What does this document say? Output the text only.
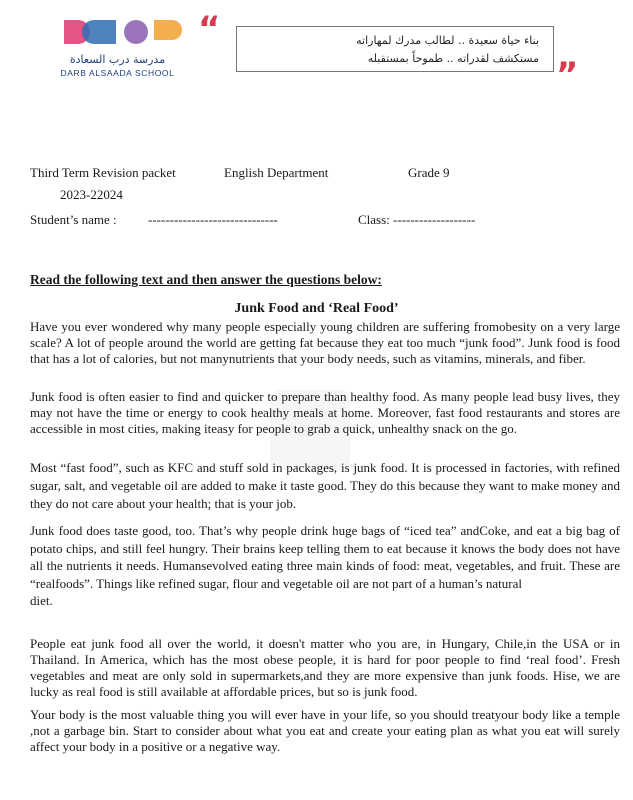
مدرسة درب السعادة
DARB ALSAADA SCHOOL
“	بناء حياة سعيدة .. لطالب مدرك لمهاراته
مستكشف لقدراته .. طموحاً بمستقبله ”
Third Term Revision packet	English Department	Grade 9
2023-22024
Student’s name : ------------------------------	Class: -------------------
Read the following text and then answer the questions below:
Junk Food and ‘Real Food’

Have you ever wondered why many people especially young children are suffering fromobesity on a very large scale? A lot of people around the world are getting fat because they eat too much “junk food”. Junk food is food that has a lot of calories, but not manynutrients that your body needs, such as vitamins, minerals, and fiber.

Junk food is often easier to find and quicker to prepare than healthy food. As many people lead busy lives, they may not have the time or energy to cook healthy meals at home. Moreover, fast food restaurants and stores are accessible in most cities, making iteasy for people to grab a quick, unhealthy snack on the go.

Most “fast food”, such as KFC and stuff sold in packages, is junk food. It is processed in factories, with refined sugar, salt, and vegetable oil are added to make it taste good. They do this because they want to make money and they do not care about your health; that is your job.

Junk food does taste good, too. That’s why people drink huge bags of “iced tea” andCoke, and eat a big bag of potato chips, and still feel hungry. Their brains keep telling them to eat because it knows the body does not have all the nutrients it needs. Humansevolved eating three main kinds of food: meat, vegetables, and fruit. These are “realfoods”. Things like refined sugar, flour and vegetable oil are not part of a human’s natural
diet.

People eat junk food all over the world, it doesn't matter who you are, in Hungary, Chile,in the USA or in Thailand. In America, which has the most obese people, it is hard for poor people to find ‘real food’. Fresh vegetables and meat are only sold in supermarkets,and they are more expensive than junk foods. Hise, we are lucky as real food is still available at affordable prices, but so is junk food.

Your body is the most valuable thing you will ever have in your life, so you should treatyour body like a temple ,not a garbage bin. Start to consider about what you eat and create your eating plan as what you eat will surely affect your body in a positive or a negative way.
